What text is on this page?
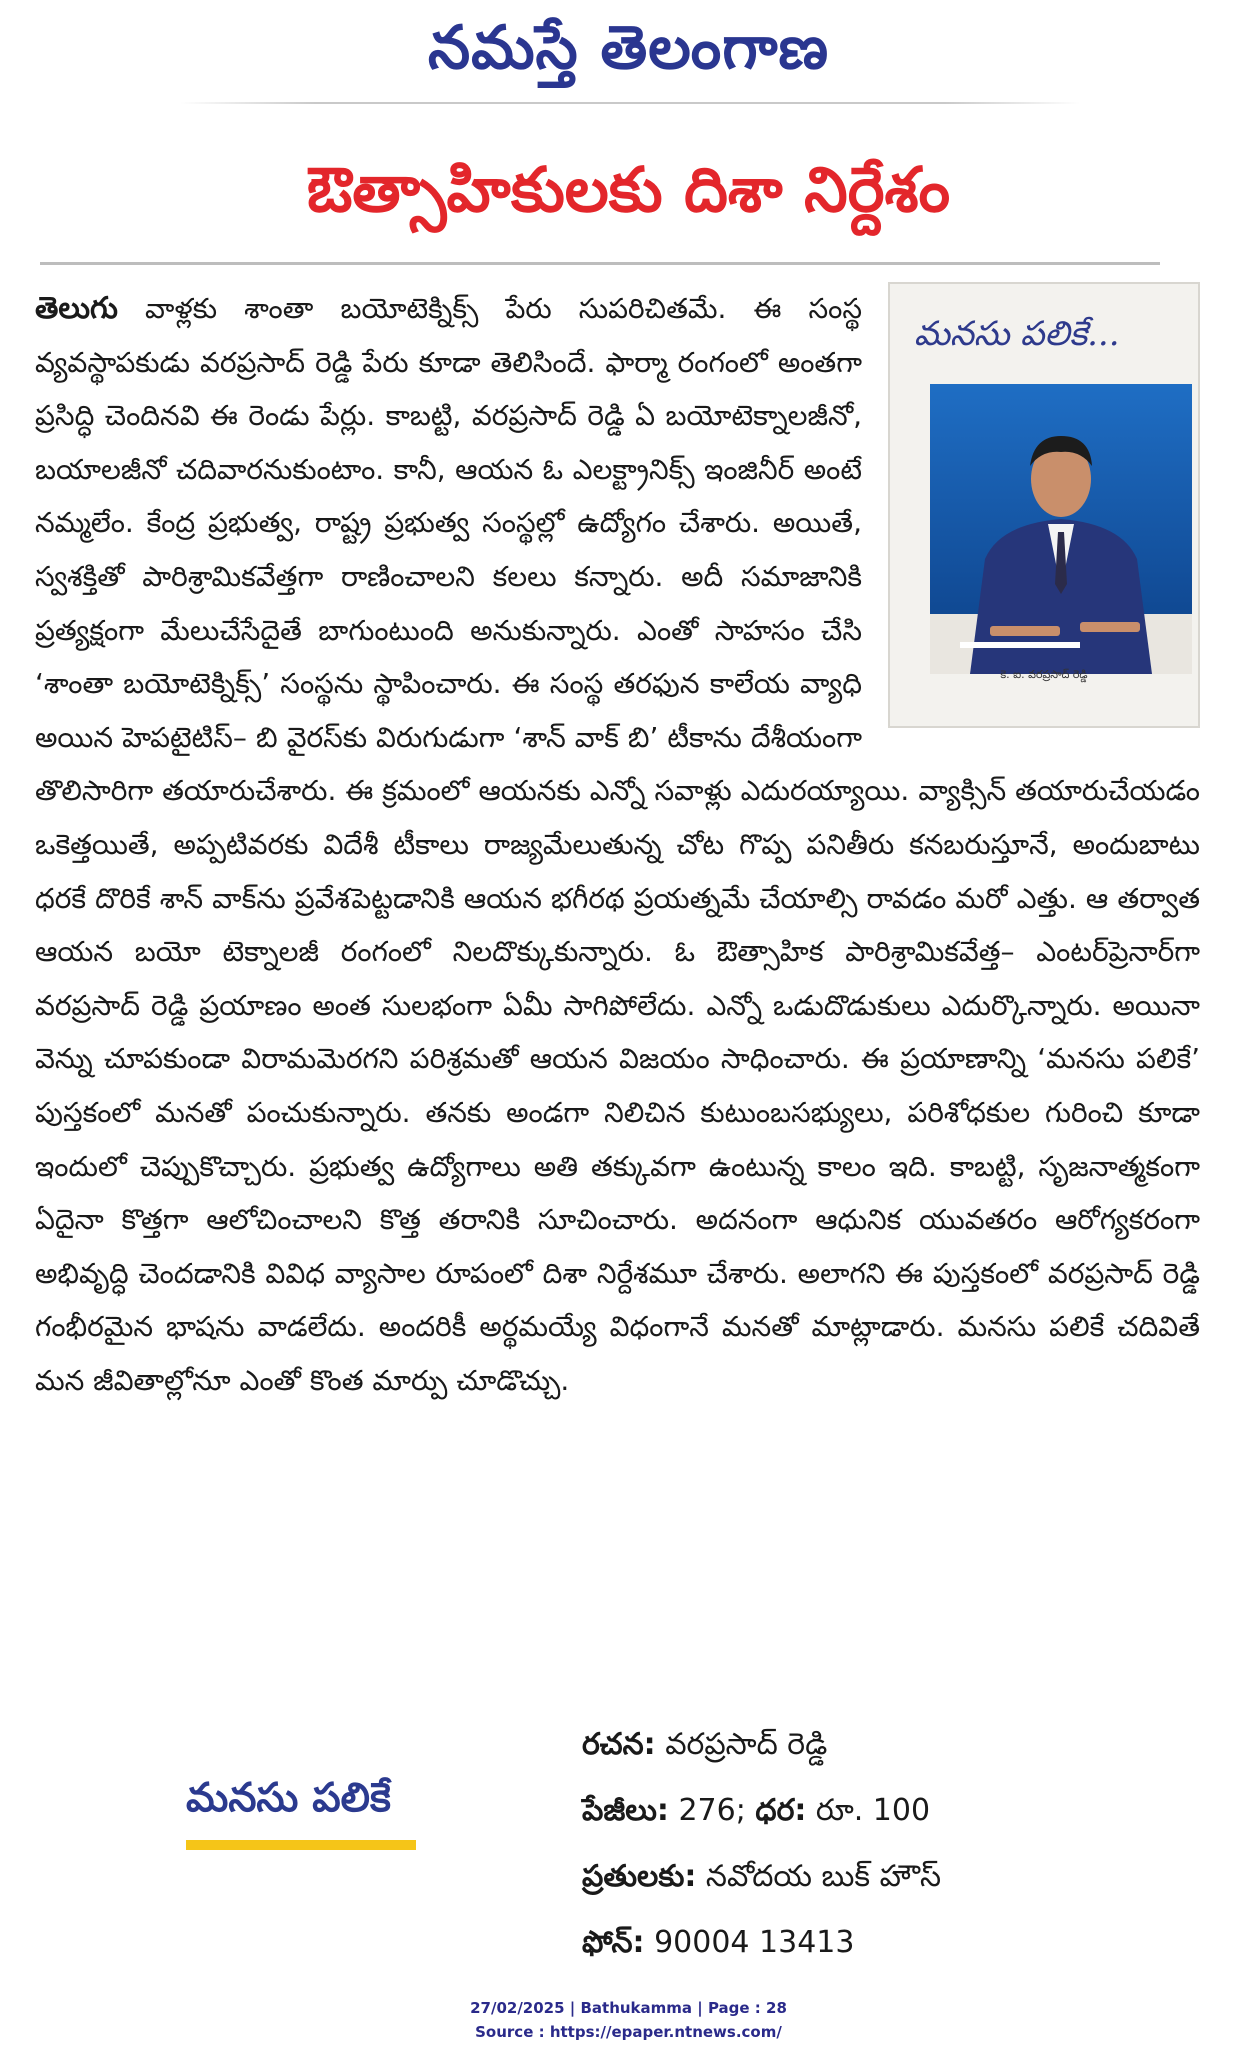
నమస్తే తెలంగాణ
ఔత్సాహికులకు దిశా నిర్దేశం
మనసు పలికే...
కె. ఐ. వరప్రసాద్ రెడ్డి
తెలుగు వాళ్లకు శాంతా బయోటెక్నిక్స్ పేరు సుపరిచితమే. ఈ సంస్థ వ్యవస్థాపకుడు వరప్రసాద్ రెడ్డి పేరు కూడా తెలిసిందే. ఫార్మా రంగంలో అంతగా ప్రసిద్ధి చెందినవి ఈ రెండు పేర్లు. కాబట్టి, వరప్రసాద్ రెడ్డి ఏ బయోటెక్నాలజీనో, బయాలజీనో చదివారనుకుంటాం. కానీ, ఆయన ఓ ఎలక్ట్రానిక్స్ ఇంజినీర్ అంటే నమ్మలేం. కేంద్ర ప్రభుత్వ, రాష్ట్ర ప్రభుత్వ సంస్థల్లో ఉద్యోగం చేశారు. అయితే, స్వశక్తితో పారిశ్రామికవేత్తగా రాణించాలని కలలు కన్నారు. అదీ సమాజానికి ప్రత్యక్షంగా మేలుచేసేదైతే బాగుంటుంది అనుకున్నారు. ఎంతో సాహసం చేసి ‘శాంతా బయోటెక్నిక్స్’ సంస్థను స్థాపించారు. ఈ సంస్థ తరఫున కాలేయ వ్యాధి అయిన హెపటైటిస్– బి వైరస్‌కు విరుగుడుగా ‘శాన్ వాక్ బి’ టీకాను దేశీయంగా తొలిసారిగా తయారుచేశారు. ఈ క్రమంలో ఆయనకు ఎన్నో సవాళ్లు ఎదురయ్యాయి. వ్యాక్సిన్ తయారుచేయడం ఒకెత్తయితే, అప్పటివరకు విదేశీ టీకాలు రాజ్యమేలుతున్న చోట గొప్ప పనితీరు కనబరుస్తూనే, అందుబాటు ధరకే దొరికే శాన్ వాక్‌ను ప్రవేశపెట్టడానికి ఆయన భగీరథ ప్రయత్నమే చేయాల్సి రావడం మరో ఎత్తు. ఆ తర్వాత ఆయన బయో టెక్నాలజీ రంగంలో నిలదొక్కుకున్నారు. ఓ ఔత్సాహిక పారిశ్రామికవేత్త– ఎంటర్‌ప్రెనార్‌గా వరప్రసాద్ రెడ్డి ప్రయాణం అంత సులభంగా ఏమీ సాగిపోలేదు. ఎన్నో ఒడుదొడుకులు ఎదుర్కొన్నారు. అయినా వెన్ను చూపకుండా విరామమెరగని పరిశ్రమతో ఆయన విజయం సాధించారు. ఈ ప్రయాణాన్ని ‘మనసు పలికే’ పుస్తకంలో మనతో పంచుకున్నారు. తనకు అండగా నిలిచిన కుటుంబసభ్యులు, పరిశోధకుల గురించి కూడా ఇందులో చెప్పుకొచ్చారు. ప్రభుత్వ ఉద్యోగాలు అతి తక్కువగా ఉంటున్న కాలం ఇది. కాబట్టి, సృజనాత్మకంగా ఏదైనా కొత్తగా ఆలోచించాలని కొత్త తరానికి సూచించారు. అదనంగా ఆధునిక యువతరం ఆరోగ్యకరంగా అభివృద్ధి చెందడానికి వివిధ వ్యాసాల రూపంలో దిశా నిర్దేశమూ చేశారు. అలాగని ఈ పుస్తకంలో వరప్రసాద్ రెడ్డి గంభీరమైన భాషను వాడలేదు. అందరికీ అర్థమయ్యే విధంగానే మనతో మాట్లాడారు. మనసు పలికే చదివితే మన జీవితాల్లోనూ ఎంతో కొంత మార్పు చూడొచ్చు.
మనసు పలికే
రచన: వరప్రసాద్ రెడ్డి
పేజీలు: 276; ధర: రూ. 100
ప్రతులకు: నవోదయ బుక్ హౌస్
ఫోన్: 90004 13413
27/02/2025 | Bathukamma | Page : 28
Source : https://epaper.ntnews.com/
